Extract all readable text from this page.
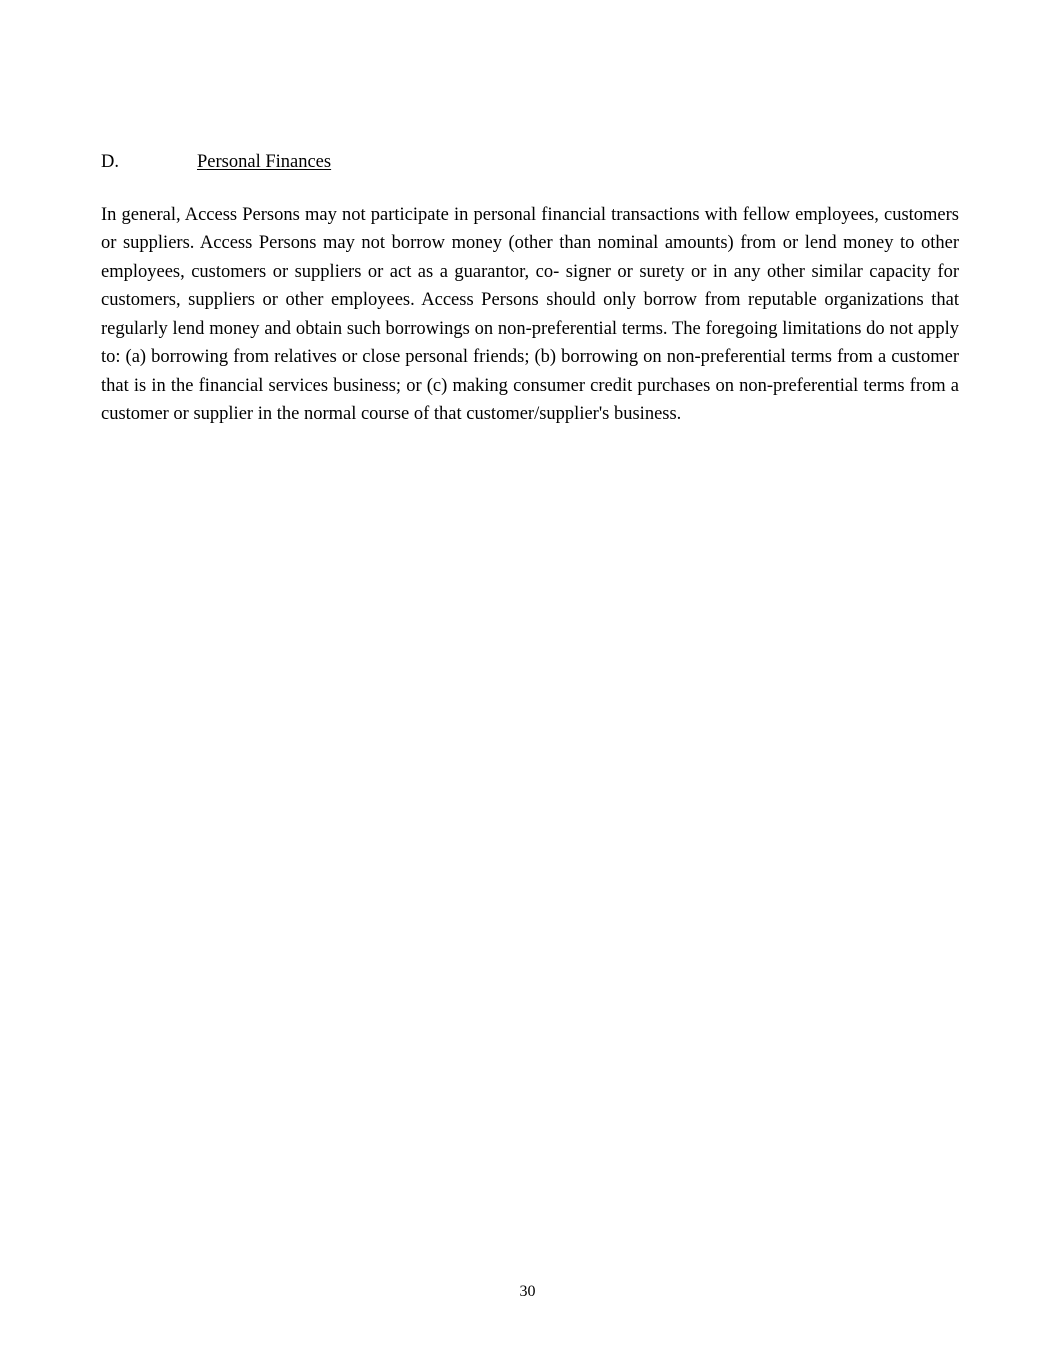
D.	Personal Finances

In general, Access Persons may not participate in personal financial transactions with fellow employees, customers or suppliers. Access Persons may not borrow money (other than nominal amounts) from or lend money to other employees, customers or suppliers or act as a guarantor, co- signer or surety or in any other similar capacity for customers, suppliers or other employees. Access Persons should only borrow from reputable organizations that regularly lend money and obtain such borrowings on non-preferential terms. The foregoing limitations do not apply to: (a) borrowing from relatives or close personal friends; (b) borrowing on non-preferential terms from a customer that is in the financial services business; or (c) making consumer credit purchases on non-preferential terms from a customer or supplier in the normal course of that customer/supplier's business.

30
